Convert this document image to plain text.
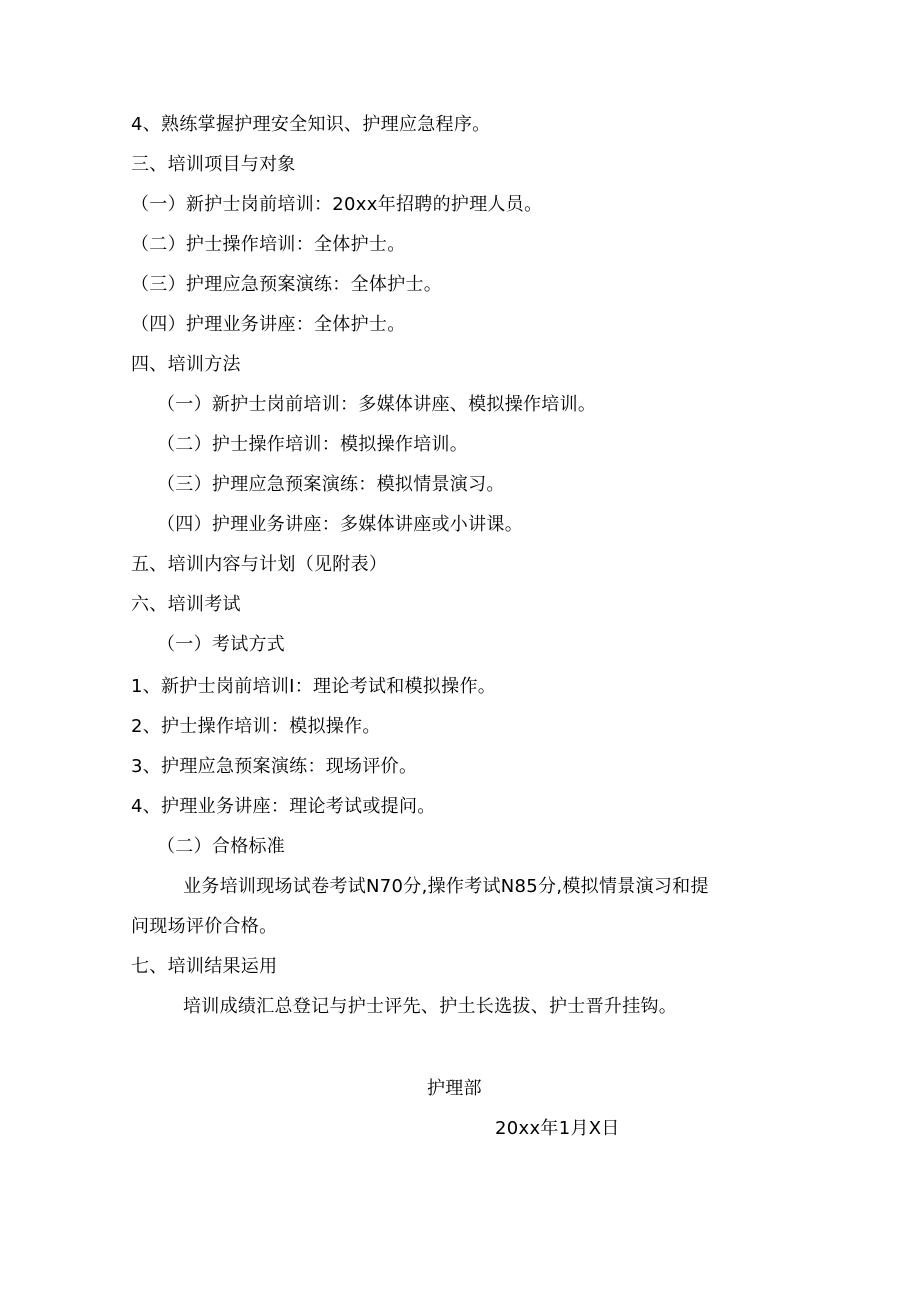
4、熟练掌握护理安全知识、护理应急程序。
三、培训项目与对象
（一）新护士岗前培训：20xx年招聘的护理人员。
（二）护士操作培训：全体护士。
（三）护理应急预案演练：全体护士。
（四）护理业务讲座：全体护士。
四、培训方法
（一）新护士岗前培训：多媒体讲座、模拟操作培训。
（二）护士操作培训：模拟操作培训。
（三）护理应急预案演练：模拟情景演习。
（四）护理业务讲座：多媒体讲座或小讲课。
五、培训内容与计划（见附表）
六、培训考试
（一）考试方式
1、新护士岗前培训I：理论考试和模拟操作。
2、护士操作培训：模拟操作。
3、护理应急预案演练：现场评价。
4、护理业务讲座：理论考试或提问。
（二）合格标准
业务培训现场试卷考试N70分,操作考试N85分,模拟情景演习和提
问现场评价合格。
七、培训结果运用
培训成绩汇总登记与护士评先、护土长选拔、护士晋升挂钩。
护理部
20xx年1月X日
